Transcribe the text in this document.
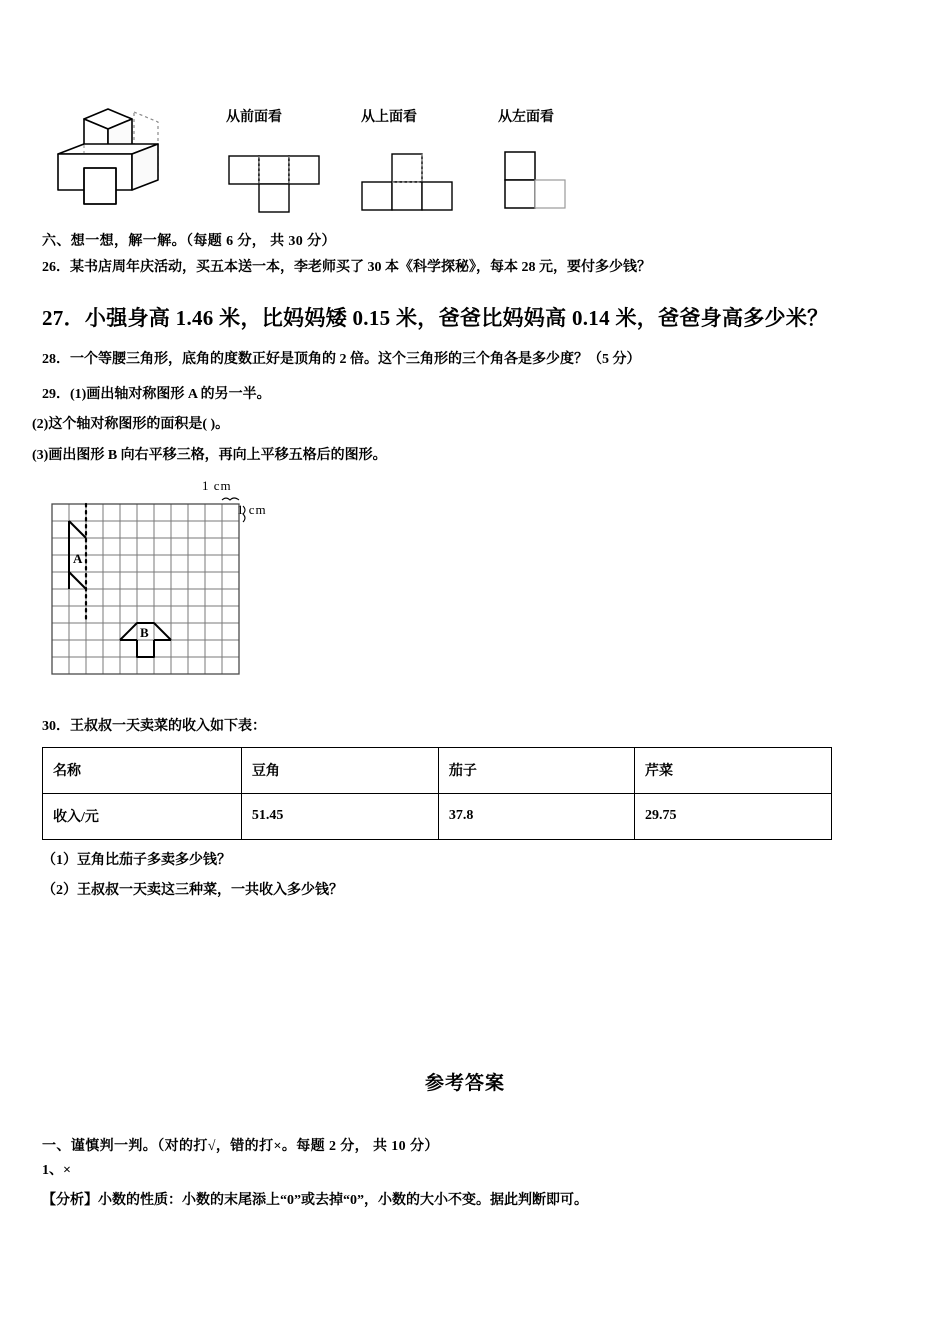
从前面看	从上面看	从左面看
六、想一想，解一解。（每题 6 分， 共 30 分）
26．某书店周年庆活动，买五本送一本，李老师买了 30 本《科学探秘》，每本 28 元，要付多少钱？
27．小强身高 1.46 米，比妈妈矮 0.15 米，爸爸比妈妈高 0.14 米，爸爸身高多少米？
28．一个等腰三角形，底角的度数正好是顶角的 2 倍。这个三角形的三个角各是多少度？（5 分）
29．(1)画出轴对称图形 A 的另一半。
(2)这个轴对称图形的面积是( )。
(3)画出图形 B 向右平移三格，再向上平移五格后的图形。
1 cm
1 cm
A
B
30．王叔叔一天卖菜的收入如下表：
名称	豆角	茄子	芹菜
收入/元	51.45	37.8	29.75
（1）豆角比茄子多卖多少钱？
（2）王叔叔一天卖这三种菜，一共收入多少钱？
参考答案
一、谨慎判一判。（对的打√，错的打×。每题 2 分， 共 10 分）
1、×
【分析】小数的性质：小数的末尾添上“0”或去掉“0”，小数的大小不变。据此判断即可。
